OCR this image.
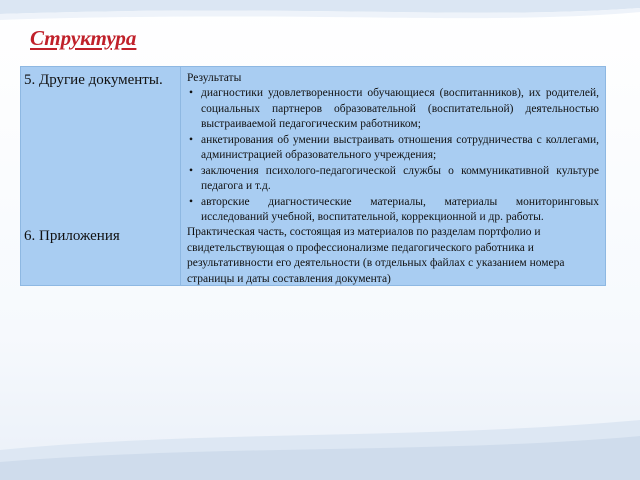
Структура

5. Другие документы.

6. Приложения

Результаты

• диагностики удовлетворенности обучающиеся (воспитанников), их родителей, социальных партнеров образовательной (воспитательной) деятельностью выстраиваемой педагогическим работником;
• анкетирования об умении выстраивать отношения сотрудничества с коллегами, администрацией образовательного учреждения;
• заключения психолого-педагогической службы о коммуникативной культуре педагога и т.д.
• авторские диагностические материалы, материалы мониторинговых исследований учебной, воспитательной, коррекционной и др. работы.

Практическая часть, состоящая из материалов по разделам портфолио и свидетельствующая о профессионализме педагогического работника и результативности его деятельности (в отдельных файлах с указанием номера страницы и даты составления документа)
